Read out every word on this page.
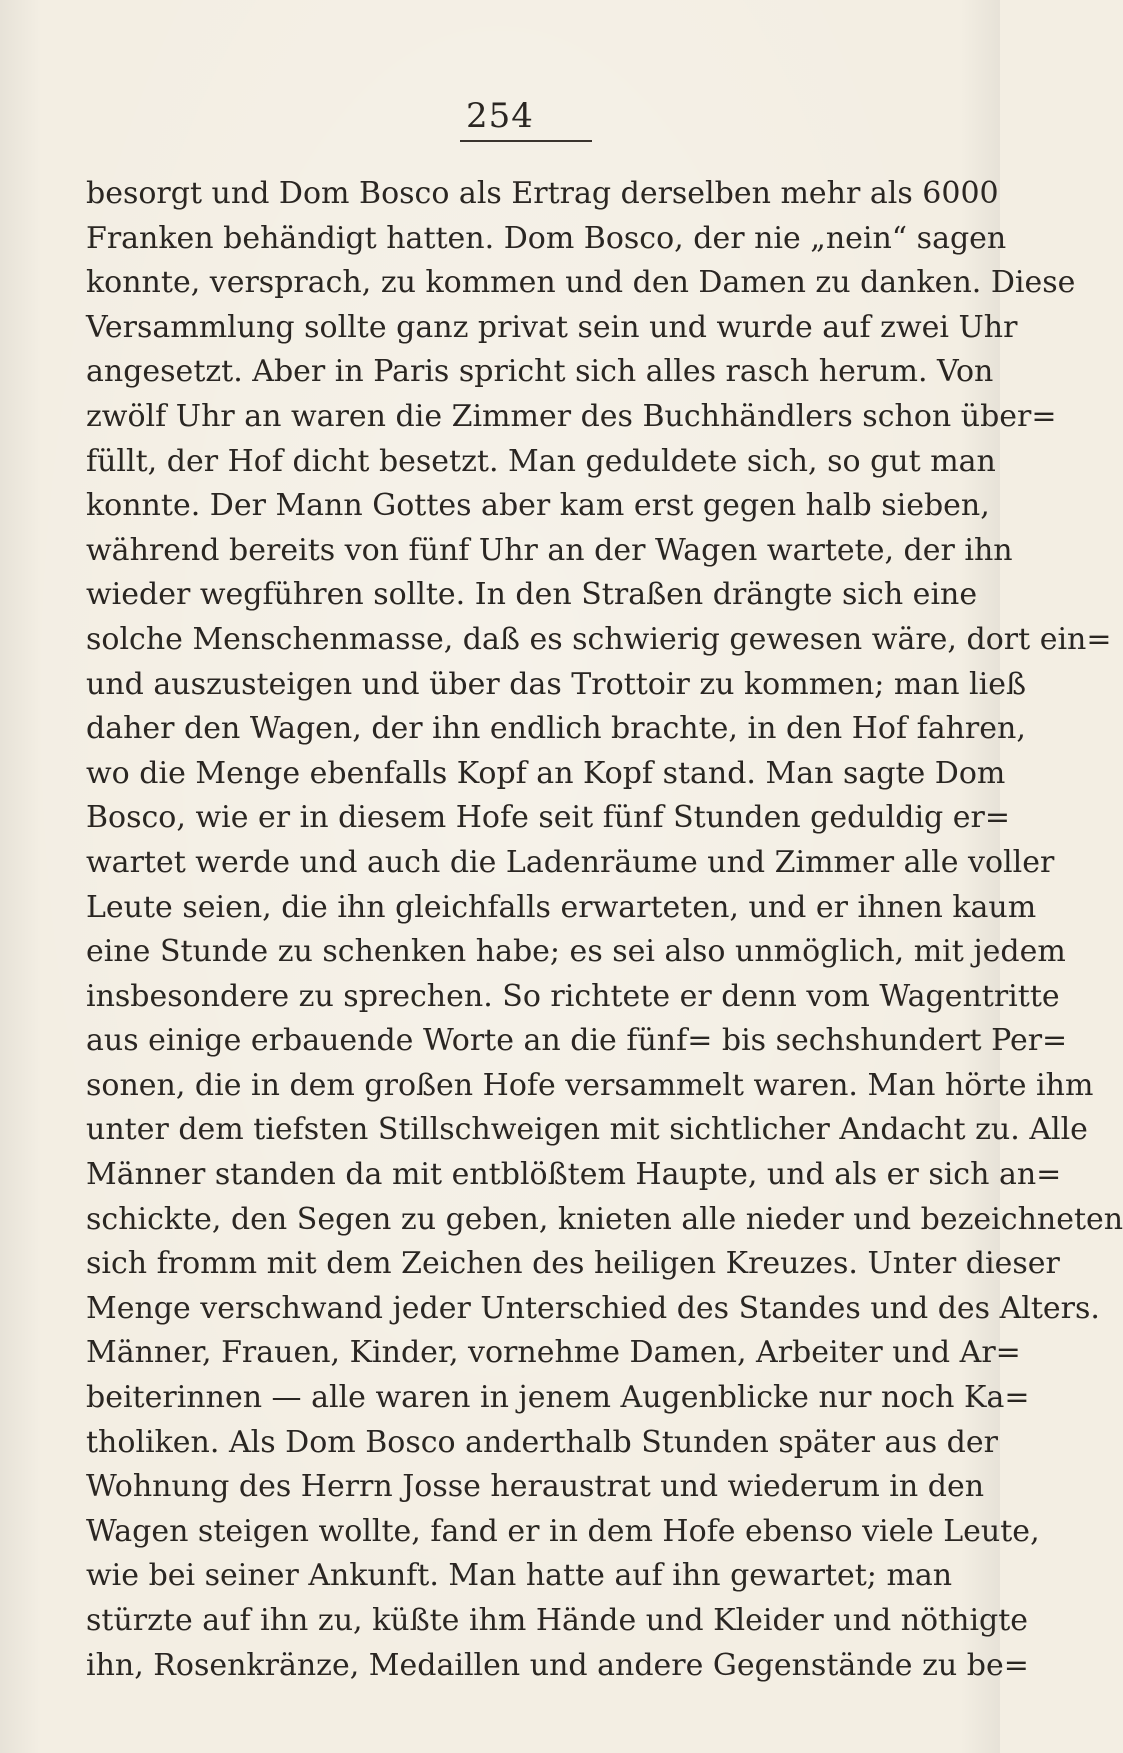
254
besorgt und Dom Bosco als Ertrag derselben mehr als 6000
Franken behändigt hatten. Dom Bosco, der nie „nein“ sagen
konnte, versprach, zu kommen und den Damen zu danken. Diese
Versammlung sollte ganz privat sein und wurde auf zwei Uhr
angesetzt. Aber in Paris spricht sich alles rasch herum. Von
zwölf Uhr an waren die Zimmer des Buchhändlers schon über=
füllt, der Hof dicht besetzt. Man geduldete sich, so gut man
konnte. Der Mann Gottes aber kam erst gegen halb sieben,
während bereits von fünf Uhr an der Wagen wartete, der ihn
wieder wegführen sollte. In den Straßen drängte sich eine
solche Menschenmasse, daß es schwierig gewesen wäre, dort ein=
und auszusteigen und über das Trottoir zu kommen; man ließ
daher den Wagen, der ihn endlich brachte, in den Hof fahren,
wo die Menge ebenfalls Kopf an Kopf stand. Man sagte Dom
Bosco, wie er in diesem Hofe seit fünf Stunden geduldig er=
wartet werde und auch die Ladenräume und Zimmer alle voller
Leute seien, die ihn gleichfalls erwarteten, und er ihnen kaum
eine Stunde zu schenken habe; es sei also unmöglich, mit jedem
insbesondere zu sprechen. So richtete er denn vom Wagentritte
aus einige erbauende Worte an die fünf= bis sechshundert Per=
sonen, die in dem großen Hofe versammelt waren. Man hörte ihm
unter dem tiefsten Stillschweigen mit sichtlicher Andacht zu. Alle
Männer standen da mit entblößtem Haupte, und als er sich an=
schickte, den Segen zu geben, knieten alle nieder und bezeichneten
sich fromm mit dem Zeichen des heiligen Kreuzes. Unter dieser
Menge verschwand jeder Unterschied des Standes und des Alters.
Männer, Frauen, Kinder, vornehme Damen, Arbeiter und Ar=
beiterinnen — alle waren in jenem Augenblicke nur noch Ka=
tholiken. Als Dom Bosco anderthalb Stunden später aus der
Wohnung des Herrn Josse heraustrat und wiederum in den
Wagen steigen wollte, fand er in dem Hofe ebenso viele Leute,
wie bei seiner Ankunft. Man hatte auf ihn gewartet; man
stürzte auf ihn zu, küßte ihm Hände und Kleider und nöthigte
ihn, Rosenkränze, Medaillen und andere Gegenstände zu be=
